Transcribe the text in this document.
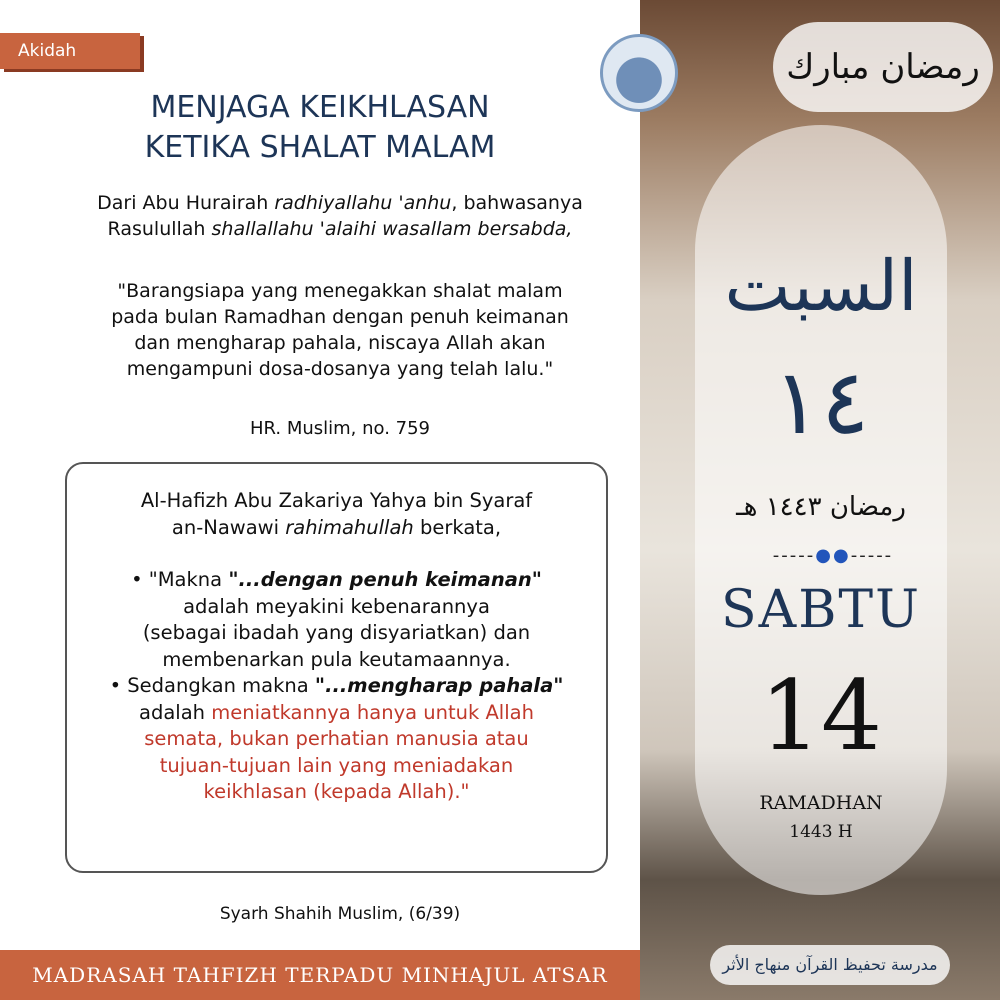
Akidah
MENJAGA KEIKHLASAN
KETIKA SHALAT MALAM
Dari Abu Hurairah radhiyallahu 'anhu, bahwasanya
Rasulullah shallallahu 'alaihi wasallam bersabda,
"Barangsiapa yang menegakkan shalat malam
pada bulan Ramadhan dengan penuh keimanan
dan mengharap pahala, niscaya Allah akan
mengampuni dosa-dosanya yang telah lalu."
HR. Muslim, no. 759
Al-Hafizh Abu Zakariya Yahya bin Syaraf
an-Nawawi rahimahullah berkata,
• "Makna "...dengan penuh keimanan"
adalah meyakini kebenarannya
(sebagai ibadah yang disyariatkan) dan
membenarkan pula keutamaannya.
• Sedangkan makna "...mengharap pahala"
adalah meniatkannya hanya untuk Allah
semata, bukan perhatian manusia atau
tujuan-tujuan lain yang meniadakan
keikhlasan (kepada Allah)."
Syarh Shahih Muslim, (6/39)
MADRASAH TAHFIZH TERPADU MINHAJUL ATSAR
رمضان مبارك
السبت
١٤
رمضان ١٤٤٣ هـ
-----●●-----
SABTU
14
RAMADHAN
1443 H
مدرسة تحفيظ القرآن منهاج الأثر
